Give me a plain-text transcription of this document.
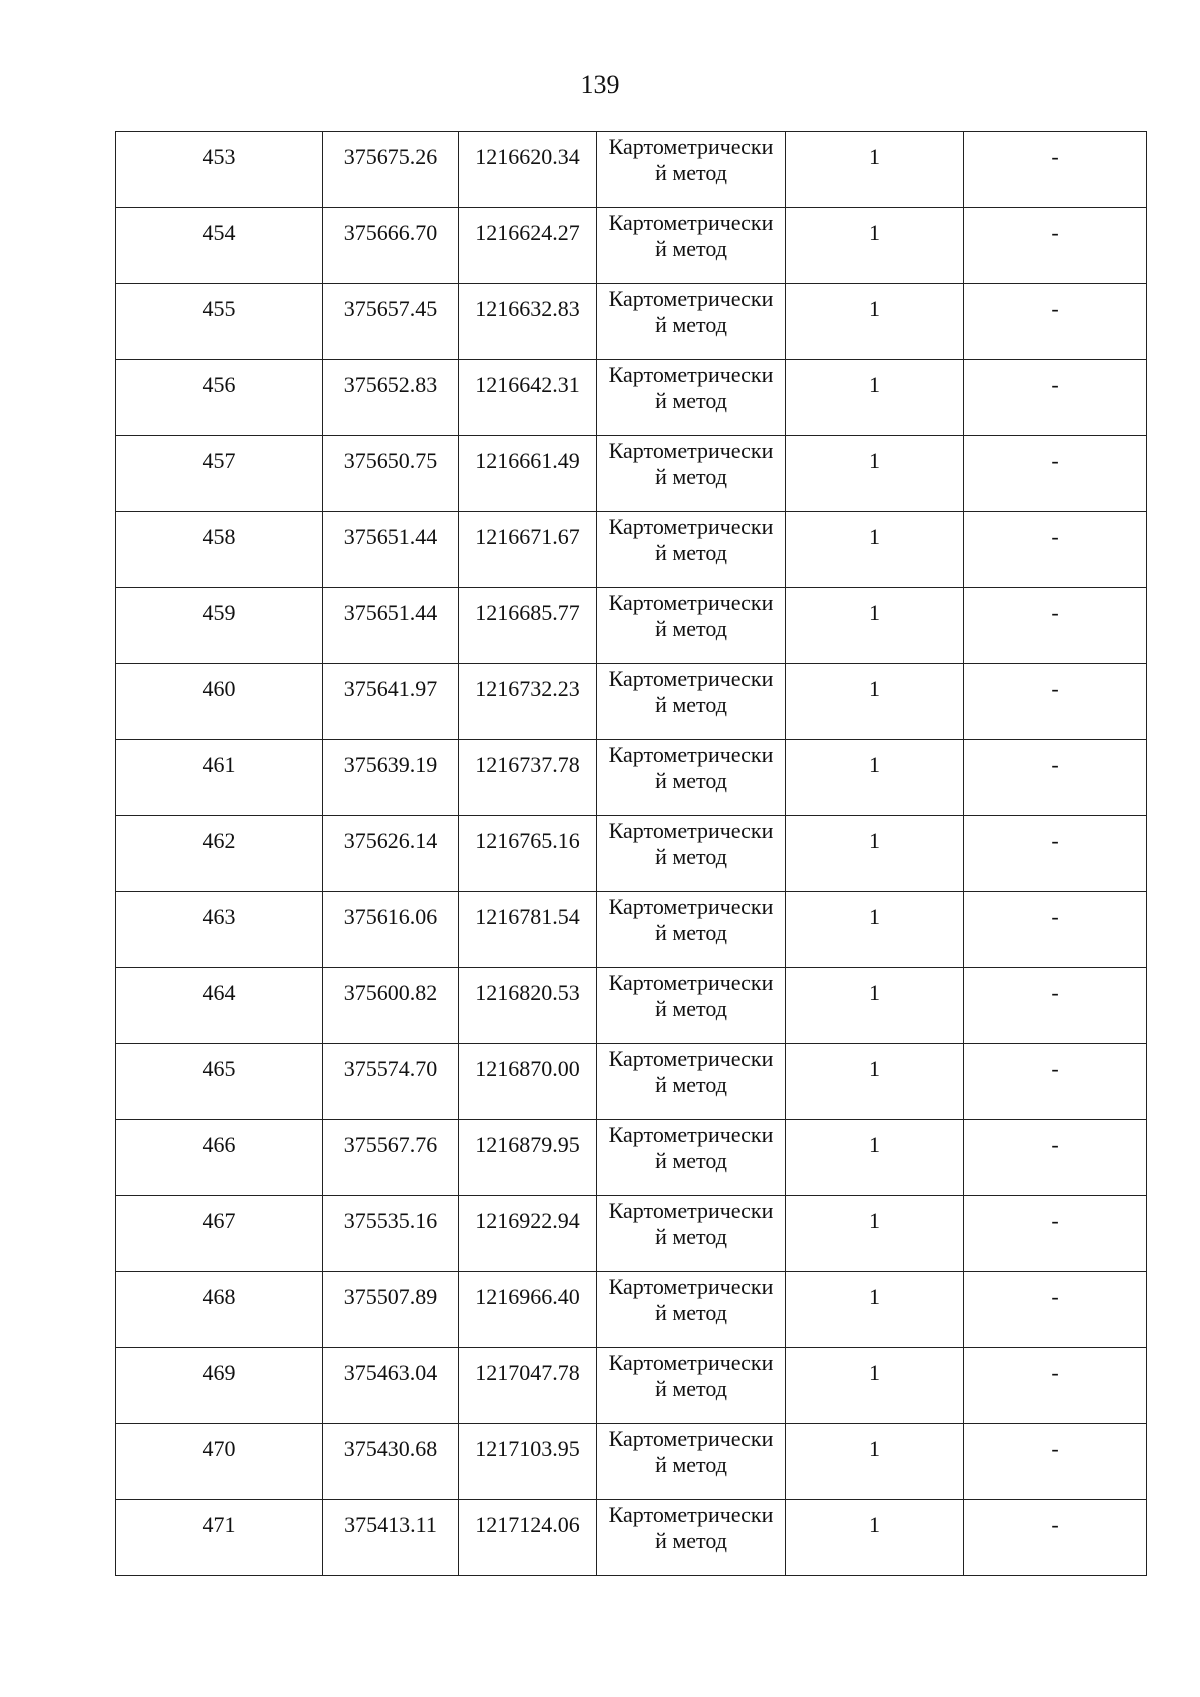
139
453	375675.26	1216620.34	Картометрически
й метод	1	-
454	375666.70	1216624.27	Картометрически
й метод	1	-
455	375657.45	1216632.83	Картометрически
й метод	1	-
456	375652.83	1216642.31	Картометрически
й метод	1	-
457	375650.75	1216661.49	Картометрически
й метод	1	-
458	375651.44	1216671.67	Картометрически
й метод	1	-
459	375651.44	1216685.77	Картометрически
й метод	1	-
460	375641.97	1216732.23	Картометрически
й метод	1	-
461	375639.19	1216737.78	Картометрически
й метод	1	-
462	375626.14	1216765.16	Картометрически
й метод	1	-
463	375616.06	1216781.54	Картометрически
й метод	1	-
464	375600.82	1216820.53	Картометрически
й метод	1	-
465	375574.70	1216870.00	Картометрически
й метод	1	-
466	375567.76	1216879.95	Картометрически
й метод	1	-
467	375535.16	1216922.94	Картометрически
й метод	1	-
468	375507.89	1216966.40	Картометрически
й метод	1	-
469	375463.04	1217047.78	Картометрически
й метод	1	-
470	375430.68	1217103.95	Картометрически
й метод	1	-
471	375413.11	1217124.06	Картометрически
й метод	1	-
